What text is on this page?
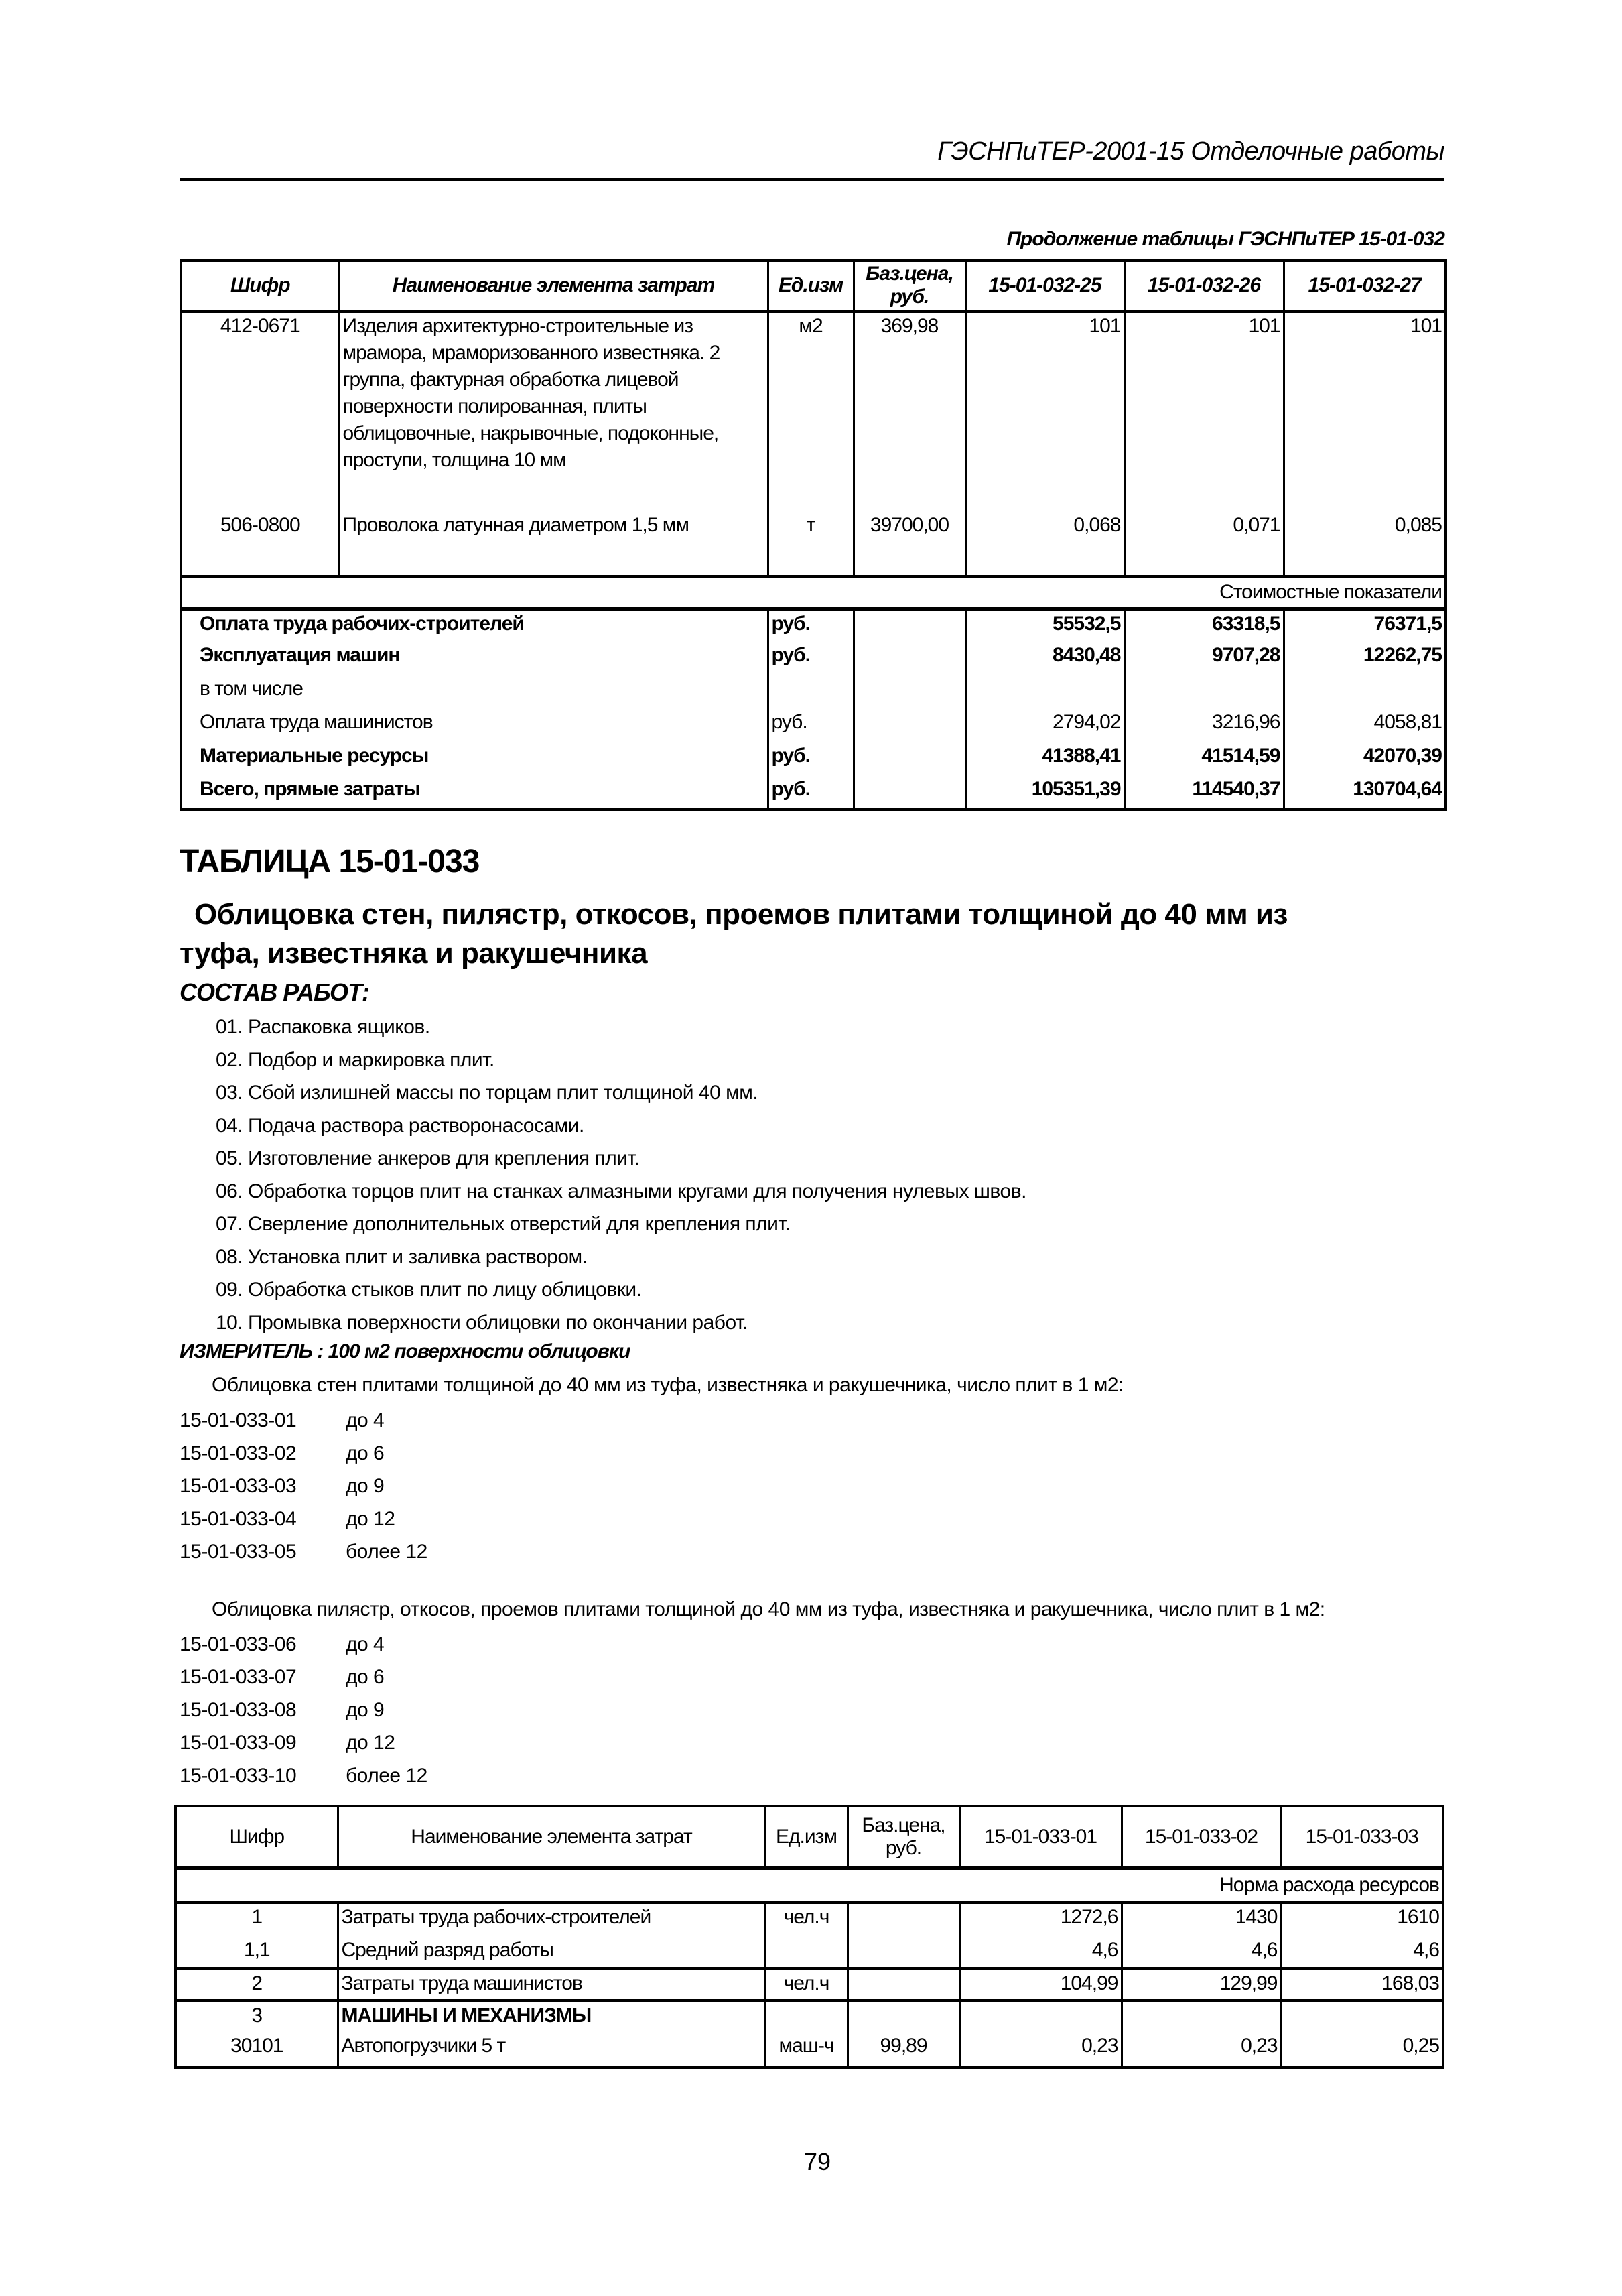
ГЭСНПиТЕР-2001-15 Отделочные работы
Продолжение таблицы ГЭСНПиТЕР 15-01-032
Шифр	Наименование элемента затрат	Ед.изм	Баз.цена, руб.	15-01-032-25	15-01-032-26	15-01-032-27
412-0671	Изделия архитектурно-строительные из мрамора, мраморизованного известняка. 2 группа, фактурная обработка лицевой поверхности полированная, плиты облицовочные, накрывочные, подоконные, проступи, толщина 10 мм	м2	369,98	101	101	101
506-0800	Проволока латунная диаметром 1,5 мм	т	39700,00	0,068	0,071	0,085
Стоимостные показатели						
Оплата труда рабочих-строителей		руб.		55532,5	63318,5	76371,5
Эксплуатация машин		руб.		8430,48	9707,28	12262,75
в том числе						
Оплата труда машинистов		руб.		2794,02	3216,96	4058,81
Материальные ресурсы		руб.		41388,41	41514,59	42070,39
Всего, прямые затраты		руб.		105351,39	114540,37	130704,64
ТАБЛИЦА 15-01-033
Облицовка стен, пилястр, откосов, проемов плитами толщиной до 40 мм из
туфа, известняка и ракушечника
СОСТАВ РАБОТ:
01. Распаковка ящиков.
02. Подбор и маркировка плит.
03. Сбой излишней массы по торцам плит толщиной 40 мм.
04. Подача раствора растворонасосами.
05. Изготовление анкеров для крепления плит.
06. Обработка торцов плит на станках алмазными кругами для получения нулевых швов.
07. Сверление дополнительных отверстий для крепления плит.
08. Установка плит и заливка раствором.
09. Обработка стыков плит по лицу облицовки.
10. Промывка поверхности облицовки по окончании работ.
ИЗМЕРИТЕЛЬ : 100 м2 поверхности облицовки
Облицовка стен плитами толщиной до 40 мм из туфа, известняка и ракушечника, число плит в 1 м2:
15-01-033-01 до 4
15-01-033-02 до 6
15-01-033-03 до 9
15-01-033-04 до 12
15-01-033-05 более 12
Облицовка пилястр, откосов, проемов плитами толщиной до 40 мм из туфа, известняка и ракушечника, число плит в 1 м2:
15-01-033-06 до 4
15-01-033-07 до 6
15-01-033-08 до 9
15-01-033-09 до 12
15-01-033-10 более 12
Шифр	Наименование элемента затрат	Ед.изм	Баз.цена, руб.	15-01-033-01	15-01-033-02	15-01-033-03
Норма расхода ресурсов						
1	Затраты труда рабочих-строителей	чел.ч		1272,6	1430	1610
1,1	Средний разряд работы			4,6	4,6	4,6
2	Затраты труда машинистов	чел.ч		104,99	129,99	168,03
3	МАШИНЫ И МЕХАНИЗМЫ					
30101	Автопогрузчики 5 т	маш-ч	99,89	0,23	0,23	0,25
79
